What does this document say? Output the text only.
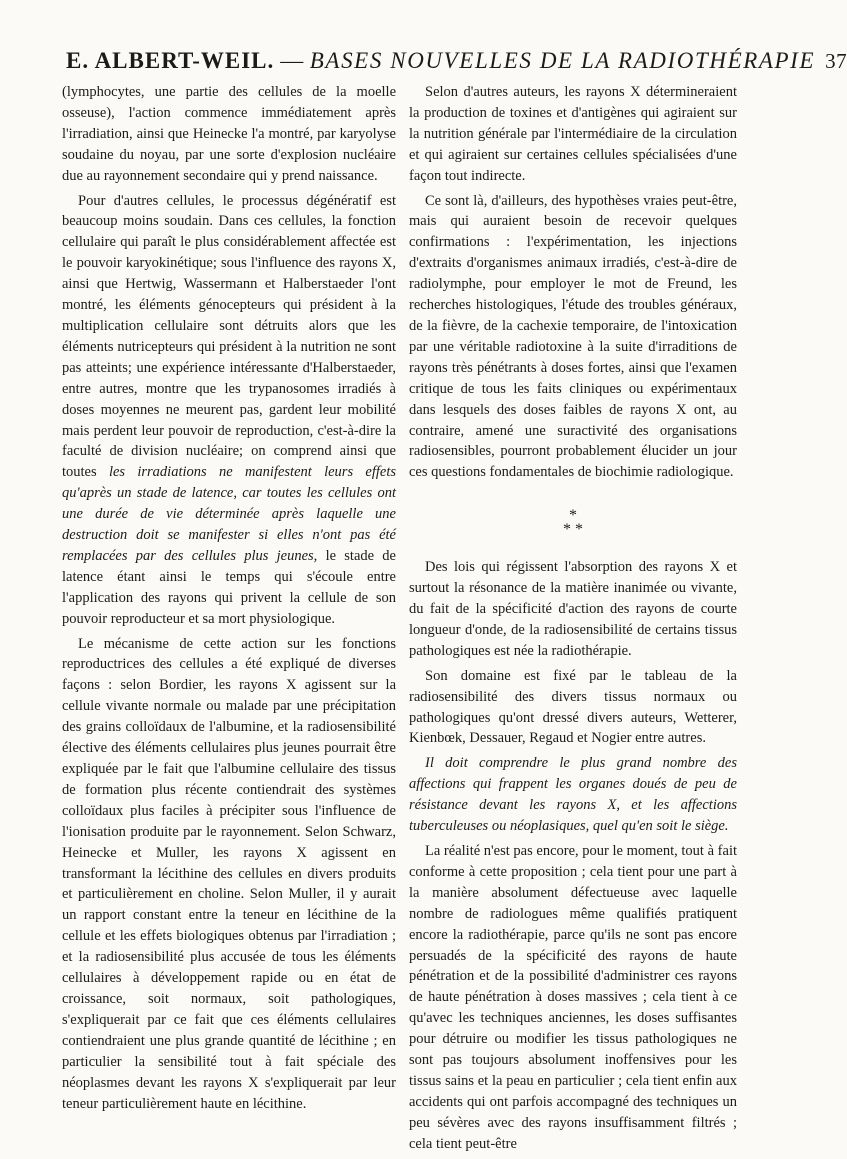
E. ALBERT-WEIL. — BASES NOUVELLES DE LA RADIOTHÉRAPIE 37

(lymphocytes, une partie des cellules de la moelle osseuse), l'action commence immédiatement après l'irradiation, ainsi que Heinecke l'a montré, par karyolyse soudaine du noyau, par une sorte d'explosion nucléaire due au rayonnement secondaire qui y prend naissance.

Pour d'autres cellules, le processus dégénératif est beaucoup moins soudain. Dans ces cellules, la fonction cellulaire qui paraît le plus considérablement affectée est le pouvoir karyokinétique; sous l'influence des rayons X, ainsi que Hertwig, Wassermann et Halberstaeder l'ont montré, les éléments génocepteurs qui président à la multiplication cellulaire sont détruits alors que les éléments nutricepteurs qui président à la nutrition ne sont pas atteints; une expérience intéressante d'Halberstaeder, entre autres, montre que les trypanosomes irradiés à doses moyennes ne meurent pas, gardent leur mobilité mais perdent leur pouvoir de reproduction, c'est-à-dire la faculté de division nucléaire; on comprend ainsi que toutes les irradiations ne manifestent leurs effets qu'après un stade de latence, car toutes les cellules ont une durée de vie déterminée après laquelle une destruction doit se manifester si elles n'ont pas été remplacées par des cellules plus jeunes, le stade de latence étant ainsi le temps qui s'écoule entre l'application des rayons qui privent la cellule de son pouvoir reproducteur et sa mort physiologique.

Le mécanisme de cette action sur les fonctions reproductrices des cellules a été expliqué de diverses façons : selon Bordier, les rayons X agissent sur la cellule vivante normale ou malade par une précipitation des grains colloïdaux de l'albumine, et la radiosensibilité élective des éléments cellulaires plus jeunes pourrait être expliquée par le fait que l'albumine cellulaire des tissus de formation plus récente contiendrait des systèmes colloïdaux plus faciles à précipiter sous l'influence de l'ionisation produite par le rayonnement. Selon Schwarz, Heinecke et Muller, les rayons X agissent en transformant la lécithine des cellules en divers produits et particulièrement en choline. Selon Muller, il y aurait un rapport constant entre la teneur en lécithine de la cellule et les effets biologiques obtenus par l'irradiation ; et la radiosensibilité plus accusée de tous les éléments cellulaires à développement rapide ou en état de croissance, soit normaux, soit pathologiques, s'expliquerait par ce fait que ces éléments cellulaires contiendraient une plus grande quantité de lécithine ; en particulier la sensibilité tout à fait spéciale des néoplasmes devant les rayons X s'expliquerait par leur teneur particulièrement haute en lécithine.

Selon d'autres auteurs, les rayons X détermineraient la production de toxines et d'antigènes qui agiraient sur la nutrition générale par l'intermédiaire de la circulation et qui agiraient sur certaines cellules spécialisées d'une façon tout indirecte.

Ce sont là, d'ailleurs, des hypothèses vraies peut-être, mais qui auraient besoin de recevoir quelques confirmations : l'expérimentation, les injections d'extraits d'organismes animaux irradiés, c'est-à-dire de radiolymphe, pour employer le mot de Freund, les recherches histologiques, l'étude des troubles généraux, de la fièvre, de la cachexie temporaire, de l'intoxication par une véritable radiotoxine à la suite d'irraditions de rayons très pénétrants à doses fortes, ainsi que l'examen critique de tous les faits cliniques ou expérimentaux dans lesquels des doses faibles de rayons X ont, au contraire, amené une suractivité des organisations radiosensibles, pourront probablement élucider un jour ces questions fondamentales de biochimie radiologique.

*
* *

Des lois qui régissent l'absorption des rayons X et surtout la résonance de la matière inanimée ou vivante, du fait de la spécificité d'action des rayons de courte longueur d'onde, de la radiosensibilité de certains tissus pathologiques est née la radiothérapie.

Son domaine est fixé par le tableau de la radiosensibilité des divers tissus normaux ou pathologiques qu'ont dressé divers auteurs, Wetterer, Kienbœk, Dessauer, Regaud et Nogier entre autres.

Il doit comprendre le plus grand nombre des affections qui frappent les organes doués de peu de résistance devant les rayons X, et les affections tuberculeuses ou néoplasiques, quel qu'en soit le siège.

La réalité n'est pas encore, pour le moment, tout à fait conforme à cette proposition ; cela tient pour une part à la manière absolument défectueuse avec laquelle nombre de radiologues même qualifiés pratiquent encore la radiothérapie, parce qu'ils ne sont pas encore persuadés de la spécificité des rayons de haute pénétration et de la possibilité d'administrer ces rayons de haute pénétration à doses massives ; cela tient à ce qu'avec les techniques anciennes, les doses suffisantes pour détruire ou modifier les tissus pathologiques ne sont pas toujours absolument inoffensives pour les tissus sains et la peau en particulier ; cela tient enfin aux accidents qui ont parfois accompagné des techniques un peu sévères avec des rayons insuffisamment filtrés ; cela tient peut-être
